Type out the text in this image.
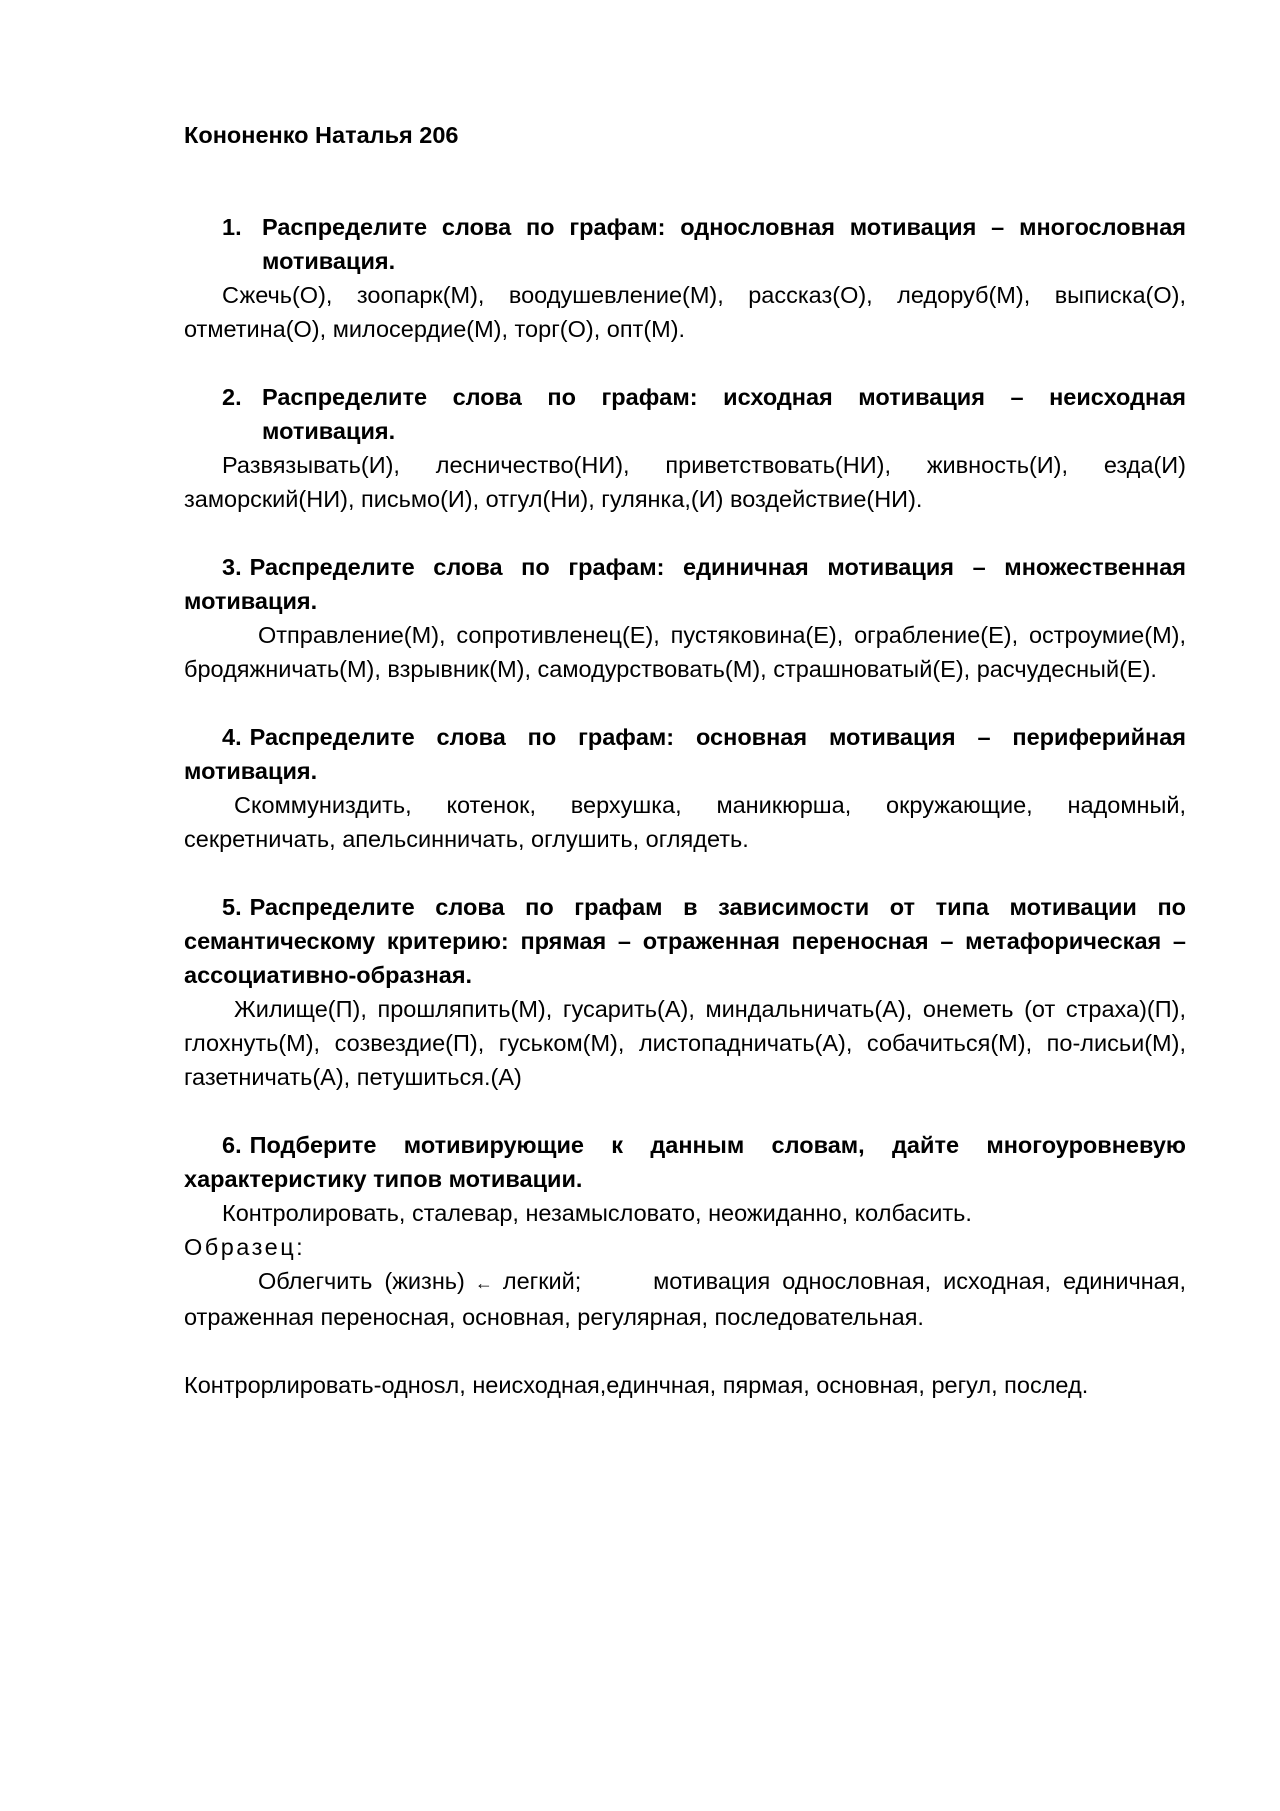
Кононенко Наталья 206

1. Распределите слова по графам: однословная мотивация – многословная мотивация.

Сжечь(О), зоопарк(М), воодушевление(М), рассказ(О), ледоруб(М), выписка(О), отметина(О), милосердие(М), торг(О), опт(М).

2. Распределите слова по графам: исходная мотивация – неисходная мотивация.

Развязывать(И), лесничество(НИ), приветствовать(НИ), живность(И), езда(И) заморский(НИ), письмо(И), отгул(Ни), гулянка,(И) воздействие(НИ).

3. Распределите слова по графам: единичная мотивация – множественная мотивация.

Отправление(М), сопротивленец(Е), пустяковина(Е), ограбление(Е), остроумие(М), бродяжничать(М), взрывник(М), самодурствовать(М), страшноватый(Е), расчудесный(Е).

4. Распределите слова по графам: основная мотивация – периферийная мотивация.

Скоммуниздить, котенок, верхушка, маникюрша, окружающие, надомный, секретничать, апельсинничать, оглушить, оглядеть.

5. Распределите слова по графам в зависимости от типа мотивации по семантическому критерию: прямая – отраженная переносная – метафорическая – ассоциативно-образная.

Жилище(П), прошляпить(М), гусарить(А), миндальничать(А), онеметь (от страха)(П), глохнуть(М), созвездие(П), гуськом(М), листопадничать(А), собачиться(М), по-лисьи(М), газетничать(А), петушиться.(А)

6. Подберите мотивирующие к данным словам, дайте многоуровневую характеристику типов мотивации.

Контролировать, сталевар, незамысловато, неожиданно, колбасить.

Образец:

Облегчить (жизнь) ← легкий;	мотивация однословная, исходная, единичная, отраженная переносная, основная, регулярная, последовательная.

Контрорлировать-однosл, неисходная,единчная, пярмая, основная, регул, послед.
